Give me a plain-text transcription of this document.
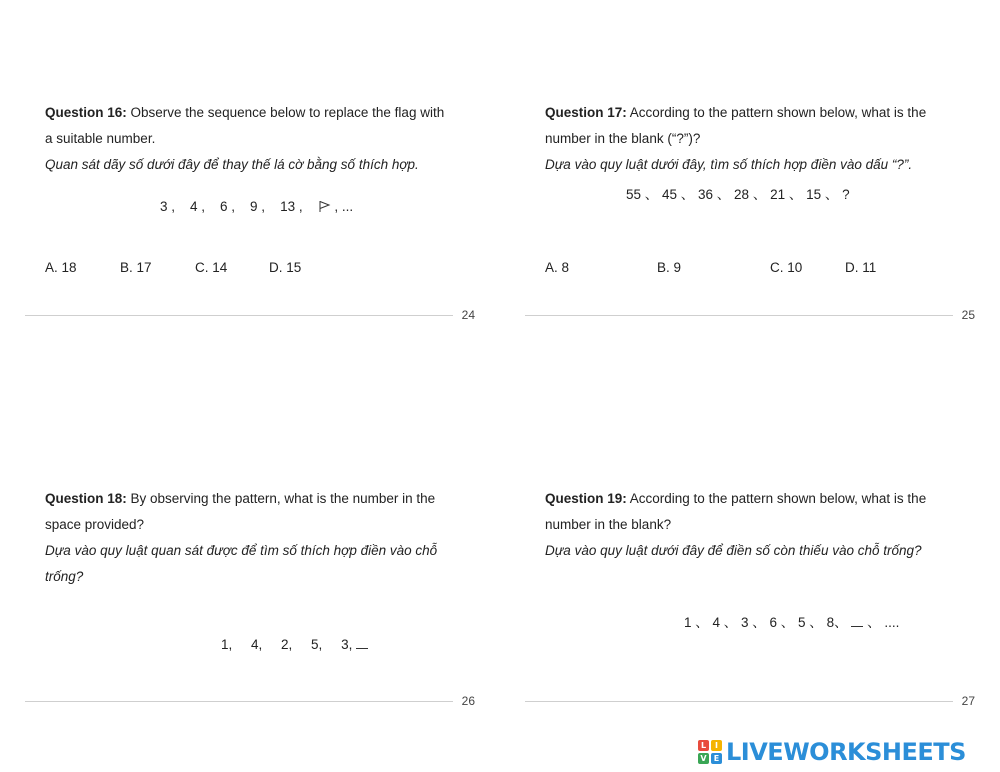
Question 16: Observe the sequence below to replace the flag with a suitable number.
Quan sát dãy số dưới đây để thay thế lá cờ bằng số thích hợp.

3 ,    4 ,    6 ,    9 ,    13 ,     , ...

A. 18	B. 17	C. 14	D. 15
24
Question 17: According to the pattern shown below, what is the number in the blank (“?”)?
Dựa vào quy luật dưới đây, tìm số thích hợp điền vào dấu “?”.
55 、 45 、 36 、 28 、 21 、 15 、 ?
A. 8	B. 9	C. 10	D. 11
25
Question 18: By observing the pattern, what is the number in the space provided?
Dựa vào quy luật quan sát được để tìm số thích hợp điền vào chỗ trống?

1,     4,     2,     5,     3,

26
Question 19: According to the pattern shown below, what is the number in the blank?
Dựa vào quy luật dưới đây để điền số còn thiếu vào chỗ trống?

1 、 4 、 3 、 6 、 5 、 8、  、 ....

27
L	I
V E LIVEWORKSHEETS
